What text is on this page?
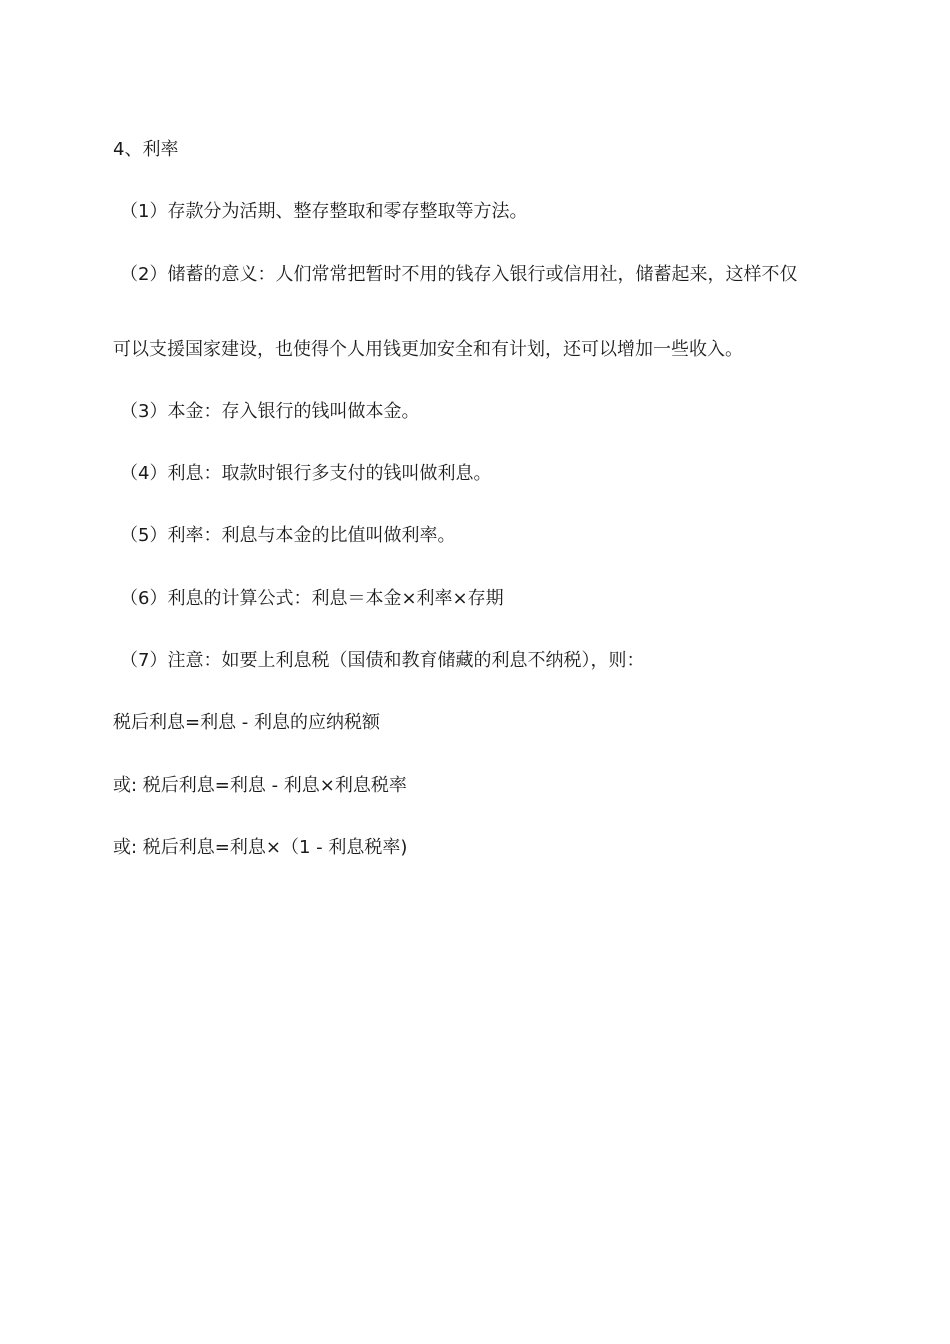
4、利率

（1）存款分为活期、整存整取和零存整取等方法。

（2）储蓄的意义：人们常常把暂时不用的钱存入银行或信用社，储蓄起来，这样不仅

可以支援国家建设，也使得个人用钱更加安全和有计划，还可以增加一些收入。

（3）本金：存入银行的钱叫做本金。

（4）利息：取款时银行多支付的钱叫做利息。

（5）利率：利息与本金的比值叫做利率。

（6）利息的计算公式：利息＝本金×利率×存期

（7）注意：如要上利息税（国债和教育储藏的利息不纳税），则：

税后利息=利息 - 利息的应纳税额

或: 税后利息=利息 - 利息×利息税率

或: 税后利息=利息×（1 - 利息税率)
